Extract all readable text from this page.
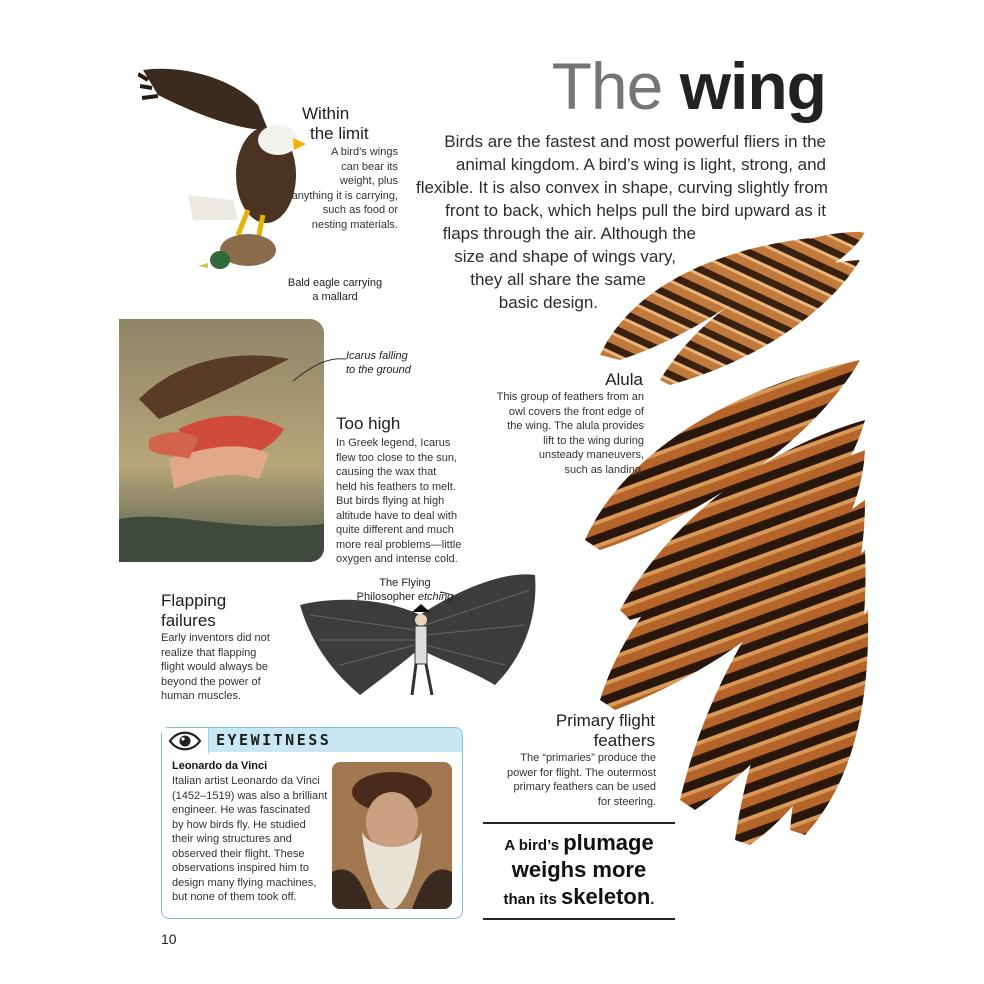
The wing
Birds are the fastest and most powerful fliers in the
animal kingdom. A bird’s wing is light, strong, and
flexible. It is also convex in shape, curving slightly from
front to back, which helps pull the bird upward as it
flaps through the air. Although the
size and shape of wings vary,
they all share the same
basic design.
Within
the limit
A bird’s wings
can bear its
weight, plus
anything it is carrying,
such as food or
nesting materials.
Bald eagle carrying
a mallard
Icarus falling
to the ground
Too high
In Greek legend, Icarus
flew too close to the sun,
causing the wax that
held his feathers to melt.
But birds flying at high
altitude have to deal with
quite different and much
more real problems—little
oxygen and intense cold.
Flapping
failures
Early inventors did not
realize that flapping
flight would always be
beyond the power of
human muscles.
The Flying
Philosopher etching
Alula
This group of feathers from an
owl covers the front edge of
the wing. The alula provides
lift to the wing during
unsteady maneuvers,
such as landing.
Primary flight
feathers
The “primaries” produce the
power for flight. The outermost
primary feathers can be used
for steering.
EYEWITNESS
Leonardo da Vinci
Italian artist Leonardo da Vinci
(1452–1519) was also a brilliant
engineer. He was fascinated
by how birds fly. He studied
their wing structures and
observed their flight. These
observations inspired him to
design many flying machines,
but none of them took off.
A bird’s plumage
weighs more
than its skeleton.
10
